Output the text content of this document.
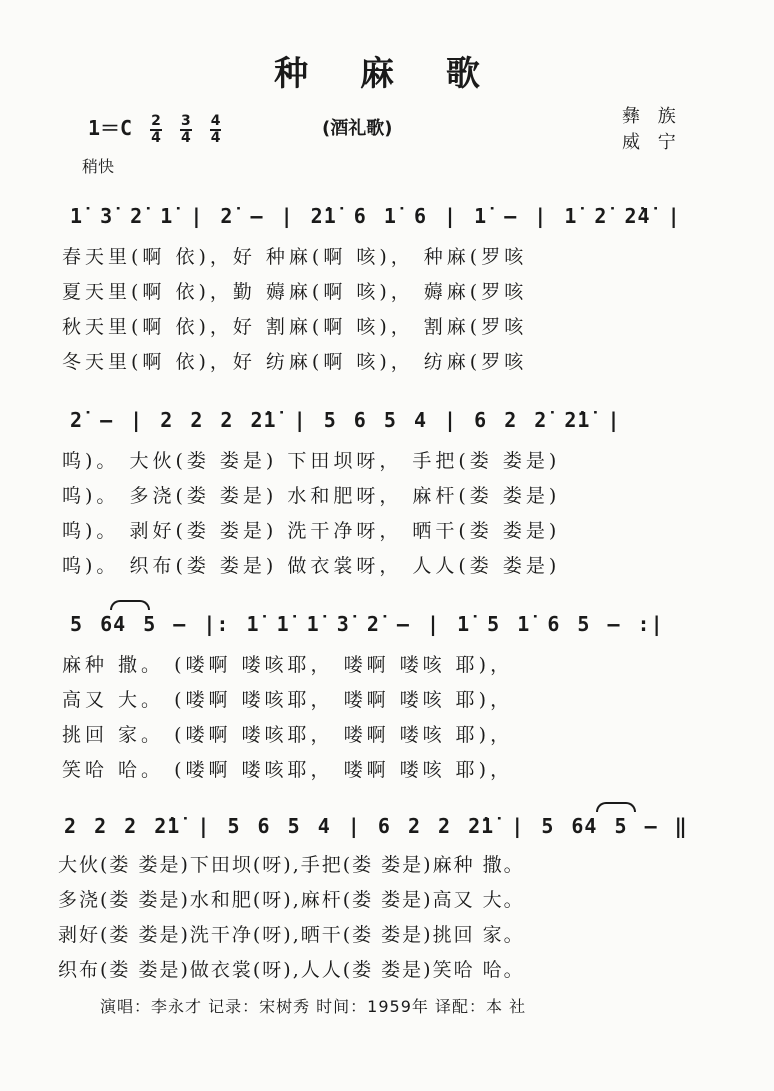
种 麻 歌
$1=C \frac{2}{4}$
$\frac{3}{4}$
$\frac{4}{4}$	(酒礼歌)
彝 族
威 宁
稍快
1̇ 3̇ 2̇ 1̇ | 2̇ – | 2̇1̇ 6 1̇ 6 | 1̇ – | 1̇ 2̇ 2̇4̇ |
春天里(啊 依)，好 种麻(啊 咳)， 种麻(罗咳
夏天里(啊 依)，勤 薅麻(啊 咳)， 薅麻(罗咳
秋天里(啊 依)，好 割麻(啊 咳)， 割麻(罗咳
冬天里(啊 依)，好 纺麻(啊 咳)， 纺麻(罗咳
2̇ – | 2 2 2 2̇1̇ | 5 6 5 4 | 6 2 2̇ 2̇1̇ |
呜)。 大伙(娄 娄是) 下田坝呀， 手把(娄 娄是)
呜)。 多浇(娄 娄是) 水和肥呀， 麻杆(娄 娄是)
呜)。 剥好(娄 娄是) 洗干净呀， 晒干(娄 娄是)
呜)。 织布(娄 娄是) 做衣裳呀， 人人(娄 娄是)
5 64 5 – |: 1̇ 1̇ 1̇ 3̇ 2̇ – | 1̇ 5 1̇ 6 5 – :|
麻种 撒。 (喽啊 喽咳耶， 喽啊 喽咳 耶)，
高又 大。 (喽啊 喽咳耶， 喽啊 喽咳 耶)，
挑回 家。 (喽啊 喽咳耶， 喽啊 喽咳 耶)，
笑哈 哈。 (喽啊 喽咳耶， 喽啊 喽咳 耶)，
2 2 2 2̇1̇ | 5 6 5 4 | 6 2 2 2̇1̇ | 5 64 5 – ‖
大伙(娄 娄是)下田坝(呀),手把(娄 娄是)麻种 撒。
多浇(娄 娄是)水和肥(呀),麻杆(娄 娄是)高又 大。
剥好(娄 娄是)洗干净(呀),晒干(娄 娄是)挑回 家。
织布(娄 娄是)做衣裳(呀),人人(娄 娄是)笑哈 哈。
演唱：李永才 记录：宋树秀 时间：1959年 译配：本 社
